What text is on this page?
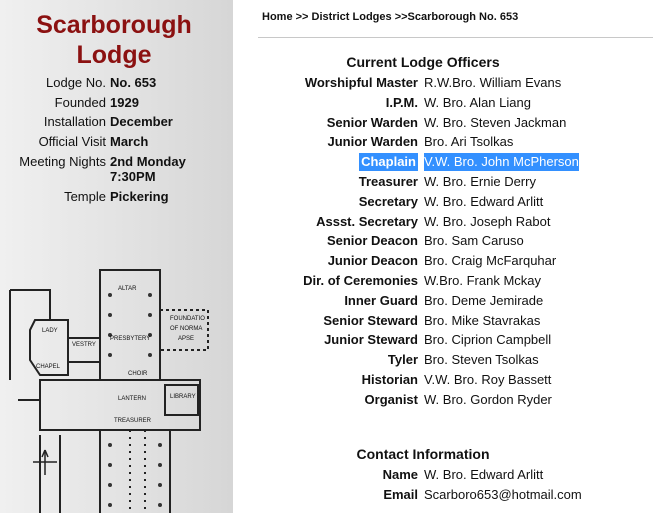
Scarborough
Lodge
Lodge No. No. 653
Founded 1929
Installation December
Official Visit March
Meeting Nights 2nd Monday
7:30PM
Temple Pickering
LADY
CHAPEL
VESTRY
ALTAR
PRESBYTERY
CHOIR
FOUNDATIO
OF NORMA
APSE
LANTERN	LIBRARY
TREASURER
Home >> District Lodges >>Scarborough No. 653
Current Lodge Officers
Worshipful Master R.W.Bro. William Evans
I.P.M. W. Bro. Alan Liang
Senior Warden W. Bro. Steven Jackman
Junior Warden Bro. Ari Tsolkas
Chaplain V.W. Bro. John McPherson
Treasurer W. Bro. Ernie Derry
Secretary W. Bro. Edward Arlitt
Assst. Secretary W. Bro. Joseph Rabot
Senior Deacon Bro. Sam Caruso
Junior Deacon Bro. Craig McFarquhar
Dir. of Ceremonies W.Bro. Frank Mckay
Inner Guard Bro. Deme Jemirade
Senior Steward Bro. Mike Stavrakas
Junior Steward Bro. Ciprion Campbell
Tyler Bro. Steven Tsolkas
Historian V.W. Bro. Roy Bassett
Organist W. Bro. Gordon Ryder
Contact Information
Name W. Bro. Edward Arlitt
Email Scarboro653@hotmail.com
